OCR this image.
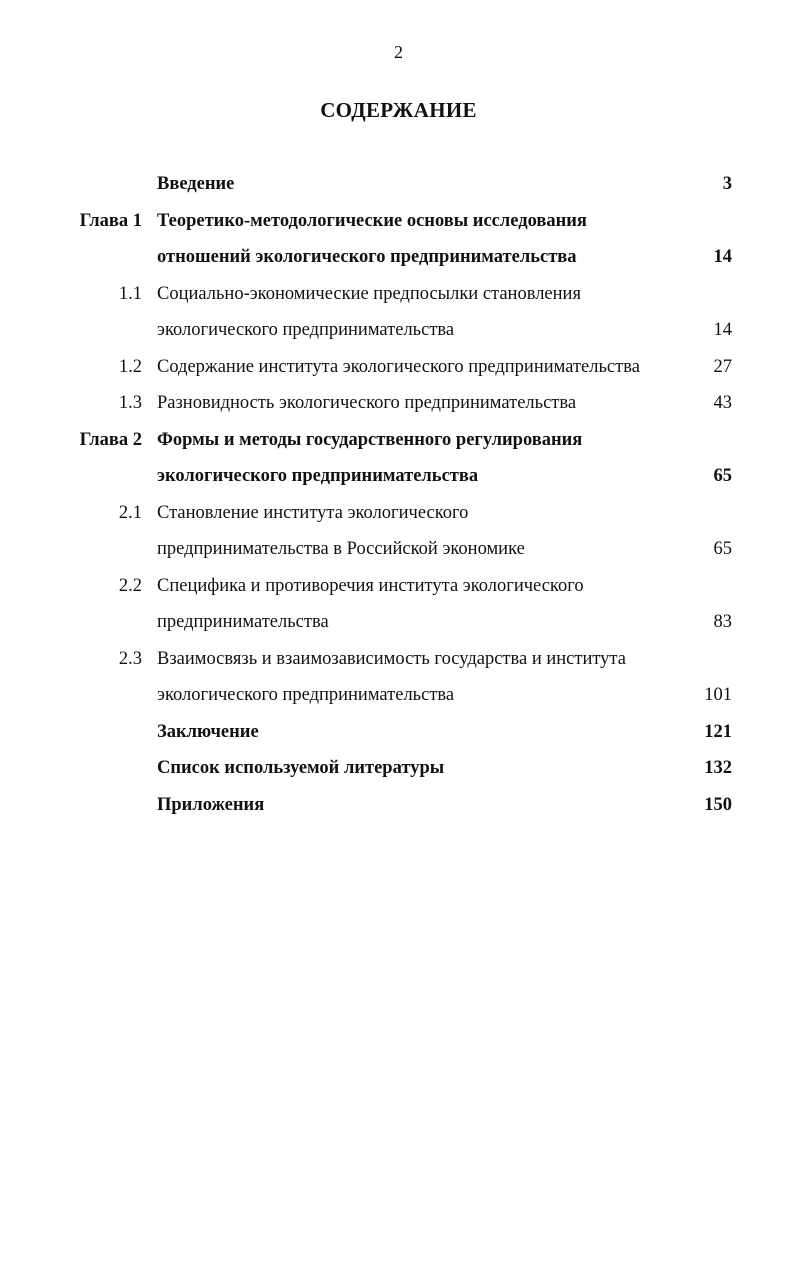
2
СОДЕРЖАНИЕ
Введение	3
Глава 1 Теоретико-методологические основы исследования
отношений экологического предпринимательства	14
1.1 Социально-экономические предпосылки становления
экологического предпринимательства	14
1.2 Содержание института экологического предпринимательства	27
1.3 Разновидность экологического предпринимательства	43
Глава 2 Формы и методы государственного регулирования
экологического предпринимательства	65
2.1 Становление института экологического
предпринимательства в Российской экономике	65
2.2 Специфика и противоречия института экологического
предпринимательства	83
2.3 Взаимосвязь и взаимозависимость государства и института
экологического предпринимательства	101
Заключение	121
Список используемой литературы	132
Приложения	150
